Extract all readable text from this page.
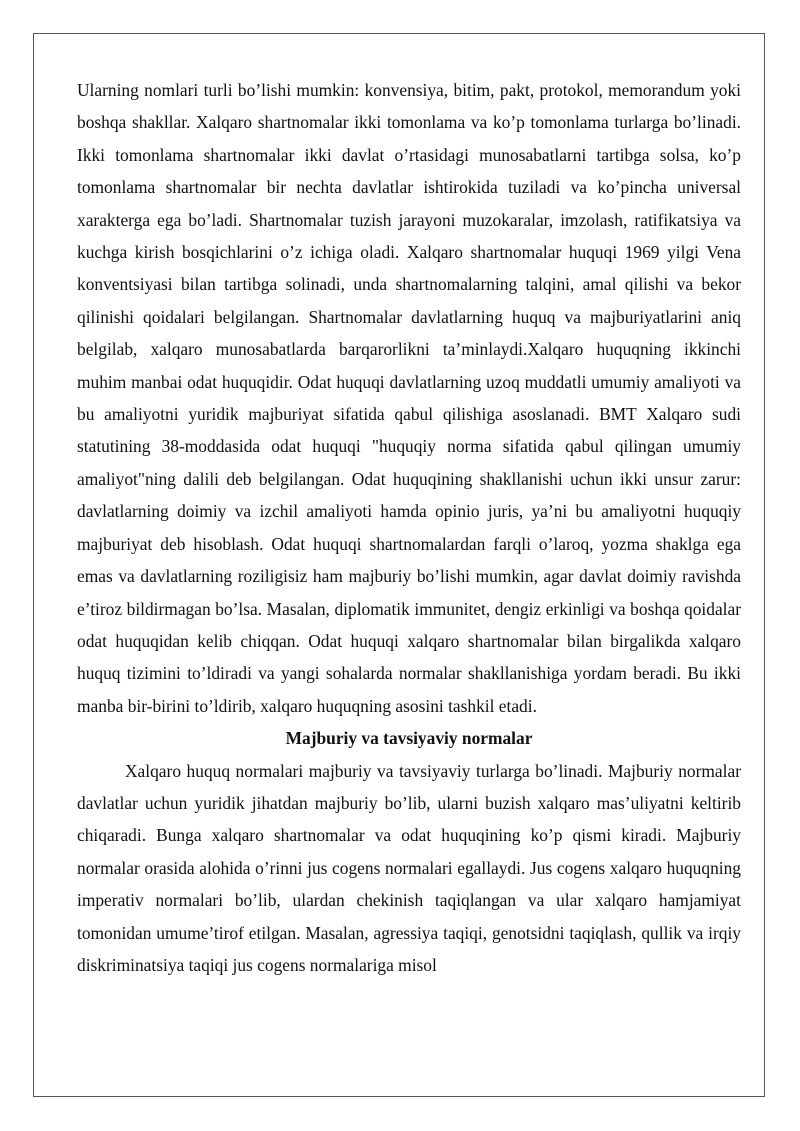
Ularning nomlari turli bo’lishi mumkin: konvensiya, bitim, pakt, protokol, memorandum yoki boshqa shakllar. Xalqaro shartnomalar ikki tomonlama va ko’p tomonlama turlarga bo’linadi. Ikki tomonlama shartnomalar ikki davlat o’rtasidagi munosabatlarni tartibga solsa, ko’p tomonlama shartnomalar bir nechta davlatlar ishtirokida tuziladi va ko’pincha universal xarakterga ega bo’ladi. Shartnomalar tuzish jarayoni muzokaralar, imzolash, ratifikatsiya va kuchga kirish bosqichlarini o’z ichiga oladi. Xalqaro shartnomalar huquqi 1969 yilgi Vena konventsiyasi bilan tartibga solinadi, unda shartnomalarning talqini, amal qilishi va bekor qilinishi qoidalari belgilangan. Shartnomalar davlatlarning huquq va majburiyatlarini aniq belgilab, xalqaro munosabatlarda barqarorlikni ta’minlaydi.Xalqaro huquqning ikkinchi muhim manbai odat huquqidir. Odat huquqi davlatlarning uzoq muddatli umumiy amaliyoti va bu amaliyotni yuridik majburiyat sifatida qabul qilishiga asoslanadi. BMT Xalqaro sudi statutining 38-moddasida odat huquqi "huquqiy norma sifatida qabul qilingan umumiy amaliyot"ning dalili deb belgilangan. Odat huquqining shakllanishi uchun ikki unsur zarur: davlatlarning doimiy va izchil amaliyoti hamda opinio juris, ya’ni bu amaliyotni huquqiy majburiyat deb hisoblash. Odat huquqi shartnomalardan farqli o’laroq, yozma shaklga ega emas va davlatlarning roziligisiz ham majburiy bo’lishi mumkin, agar davlat doimiy ravishda e’tiroz bildirmagan bo’lsa. Masalan, diplomatik immunitet, dengiz erkinligi va boshqa qoidalar odat huquqidan kelib chiqqan. Odat huquqi xalqaro shartnomalar bilan birgalikda xalqaro huquq tizimini to’ldiradi va yangi sohalarda normalar shakllanishiga yordam beradi. Bu ikki manba bir-birini to’ldirib, xalqaro huquqning asosini tashkil etadi.

Majburiy va tavsiyaviy normalar

Xalqaro huquq normalari majburiy va tavsiyaviy turlarga bo’linadi. Majburiy normalar davlatlar uchun yuridik jihatdan majburiy bo’lib, ularni buzish xalqaro mas’uliyatni keltirib chiqaradi. Bunga xalqaro shartnomalar va odat huquqining ko’p qismi kiradi. Majburiy normalar orasida alohida o’rinni jus cogens normalari egallaydi. Jus cogens xalqaro huquqning imperativ normalari bo’lib, ulardan chekinish taqiqlangan va ular xalqaro hamjamiyat tomonidan umume’tirof etilgan. Masalan, agressiya taqiqi, genotsidni taqiqlash, qullik va irqiy diskriminatsiya taqiqi jus cogens normalariga misol
